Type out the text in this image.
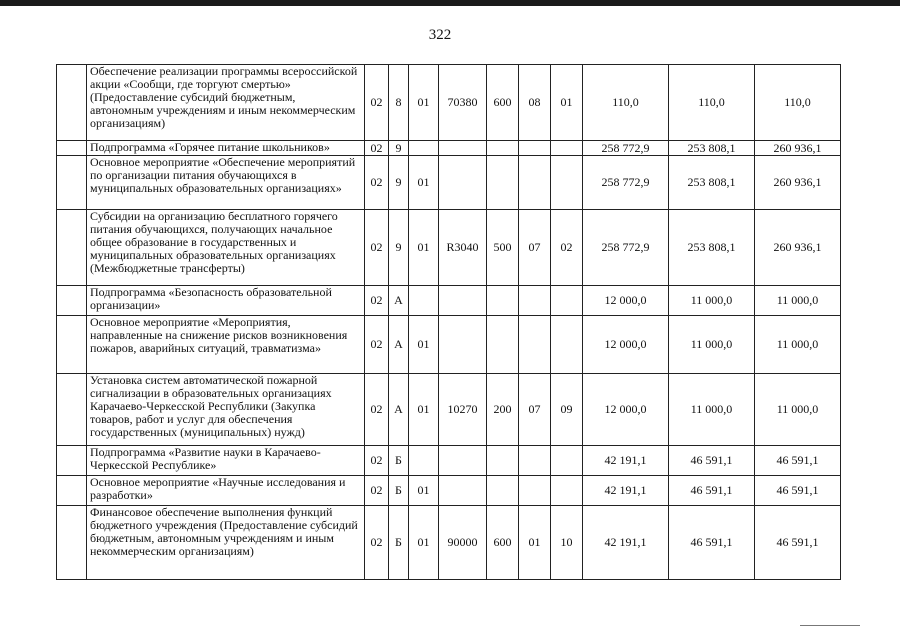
322
	Обеспечение реализации программы всероссийской акции «Сообщи, где торгуют смертью» (Предоставление субсидий бюджетным, автономным учреждениям и иным некоммерческим организациям)	02	8	01	70380	600	08	01	110,0	110,0	110,0
	Подпрограмма «Горячее питание школьников»	02	9						258 772,9	253 808,1	260 936,1
	Основное мероприятие «Обеспечение мероприятий по организации питания обучающихся в муниципальных образовательных организациях»	02	9	01					258 772,9	253 808,1	260 936,1
	Субсидии на организацию бесплатного горячего питания обучающихся, получающих начальное общее образование в государственных и муниципальных образовательных организациях (Межбюджетные трансферты)	02	9	01	R3040	500	07	02	258 772,9	253 808,1	260 936,1
	Подпрограмма «Безопасность образовательной организации»	02	А						12 000,0	11 000,0	11 000,0
	Основное мероприятие «Мероприятия, направленные на снижение рисков возникновения пожаров, аварийных ситуаций, травматизма»	02	А	01					12 000,0	11 000,0	11 000,0
	Установка систем автоматической пожарной сигнализации в образовательных организациях Карачаево-Черкесской Республики (Закупка товаров, работ и услуг для обеспечения государственных (муниципальных) нужд)	02	А	01	10270	200	07	09	12 000,0	11 000,0	11 000,0
	Подпрограмма «Развитие науки в Карачаево-Черкесской Республике»	02	Б						42 191,1	46 591,1	46 591,1
	Основное мероприятие «Научные исследования и разработки»	02	Б	01					42 191,1	46 591,1	46 591,1
	Финансовое обеспечение выполнения функций бюджетного учреждения (Предоставление субсидий бюджетным, автономным учреждениям и иным некоммерческим организациям)	02	Б	01	90000	600	01	10	42 191,1	46 591,1	46 591,1
